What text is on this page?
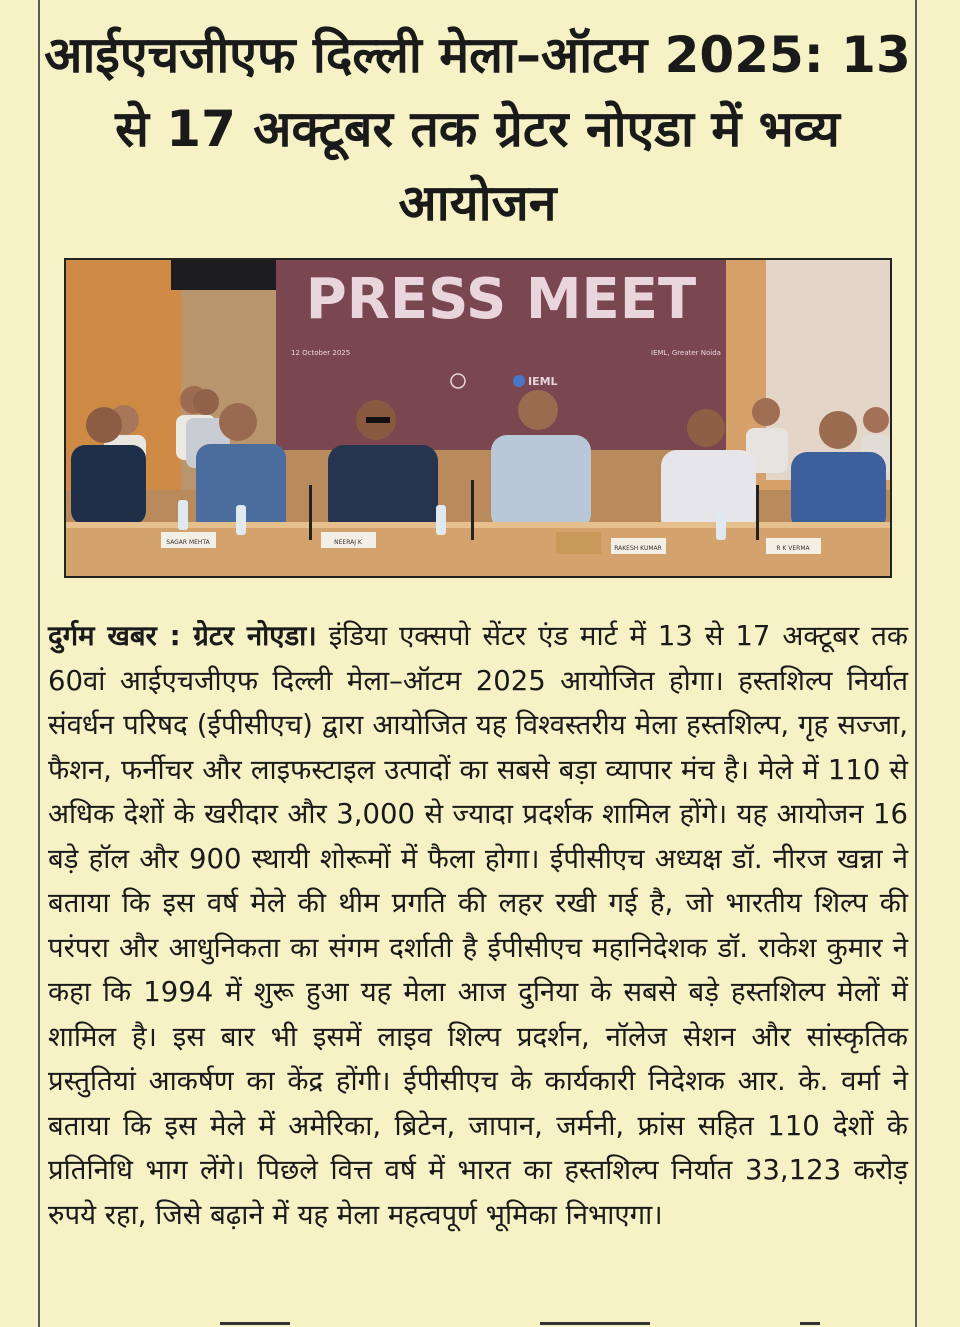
आईएचजीएफ दिल्ली मेला–ऑटम 2025: 13 से 17 अक्टूबर तक ग्रेटर नोएडा में भव्य आयोजन
PRESS MEET
12 October 2025	IEML, Greater Noida
IEML
SAGAR MEHTA	NEERAJ K
RAKESH KUMAR	R K VERMA
दुर्गम खबर : ग्रेटर नोएडा। इंडिया एक्सपो सेंटर एंड मार्ट में 13 से 17 अक्टूबर तक 60वां आईएचजीएफ दिल्ली मेला–ऑटम 2025 आयोजित होगा। हस्तशिल्प निर्यात संवर्धन परिषद (ईपीसीएच) द्वारा आयोजित यह विश्वस्तरीय मेला हस्तशिल्प, गृह सज्जा, फैशन, फर्नीचर और लाइफस्टाइल उत्पादों का सबसे बड़ा व्यापार मंच है। मेले में 110 से अधिक देशों के खरीदार और 3,000 से ज्यादा प्रदर्शक शामिल होंगे। यह आयोजन 16 बड़े हॉल और 900 स्थायी शोरूमों में फैला होगा। ईपीसीएच अध्यक्ष डॉ. नीरज खन्ना ने बताया कि इस वर्ष मेले की थीम प्रगति की लहर रखी गई है, जो भारतीय शिल्प की परंपरा और आधुनिकता का संगम दर्शाती है ईपीसीएच महानिदेशक डॉ. राकेश कुमार ने कहा कि 1994 में शुरू हुआ यह मेला आज दुनिया के सबसे बड़े हस्तशिल्प मेलों में शामिल है। इस बार भी इसमें लाइव शिल्प प्रदर्शन, नॉलेज सेशन और सांस्कृतिक प्रस्तुतियां आकर्षण का केंद्र होंगी। ईपीसीएच के कार्यकारी निदेशक आर. के. वर्मा ने बताया कि इस मेले में अमेरिका, ब्रिटेन, जापान, जर्मनी, फ्रांस सहित 110 देशों के प्रतिनिधि भाग लेंगे। पिछले वित्त वर्ष में भारत का हस्तशिल्प निर्यात 33,123 करोड़ रुपये रहा, जिसे बढ़ाने में यह मेला महत्वपूर्ण भूमिका निभाएगा।
